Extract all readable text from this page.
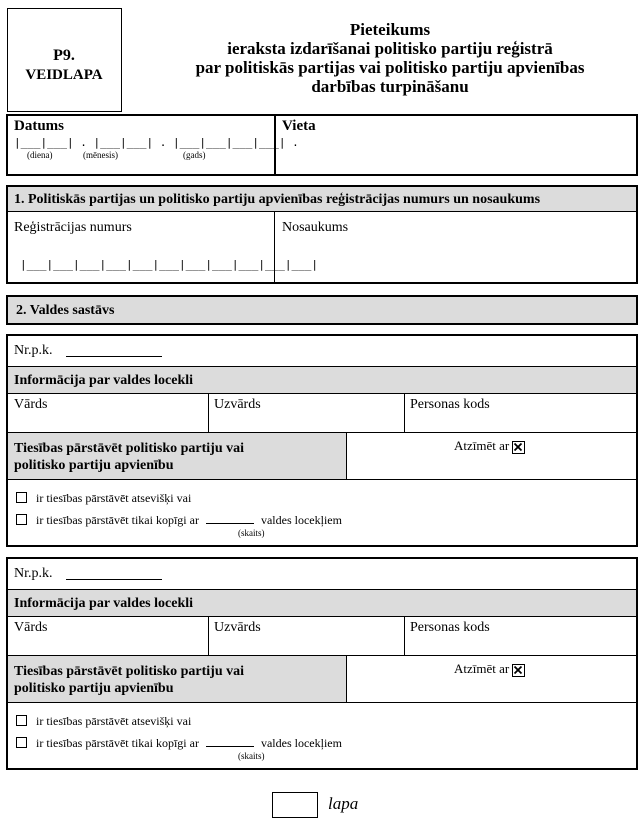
P9.
VEIDLAPA
Pieteikums
ieraksta izdarīšanai politisko partiju reģistrā
par politiskās partijas vai politisko partiju apvienības
darbības turpināšanu
Datums
|___|___| . |___|___| . |___|___|___|___| .
(diena)	(mēnesis)	(gads)
Vieta
1. Politiskās partijas un politisko partiju apvienības reģistrācijas numurs un nosaukums
Reģistrācijas numurs
|___|___|___|___|___|___|___|___|___|___|___|
Nosaukums
2. Valdes sastāvs
Nr.p.k.
Informācija par valdes locekli
Vārds	Uzvārds	Personas kods
Tiesības pārstāvēt politisko partiju vai
politisko partiju apvienību
Atzīmēt ar
ir tiesības pārstāvēt atsevišķi vai
ir tiesības pārstāvēt tikai kopīgi ar	valdes locekļiem
(skaits)
Nr.p.k.
Informācija par valdes locekli
Vārds	Uzvārds	Personas kods
Tiesības pārstāvēt politisko partiju vai
politisko partiju apvienību
Atzīmēt ar
ir tiesības pārstāvēt atsevišķi vai
ir tiesības pārstāvēt tikai kopīgi ar	valdes locekļiem
(skaits)
lapa
